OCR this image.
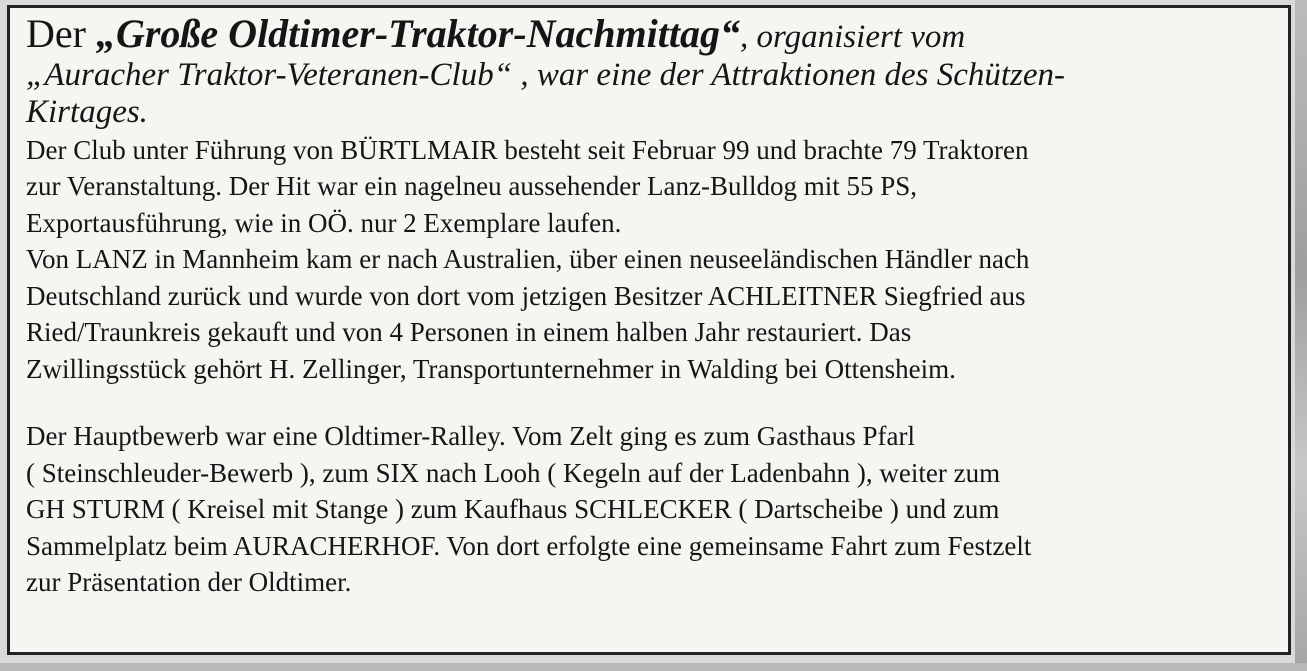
Der „Große Oldtimer-Traktor-Nachmittag“, organisiert vom
„Auracher Traktor-Veteranen-Club“ , war eine der Attraktionen des Schützen-
Kirtages.

Der Club unter Führung von BÜRTLMAIR besteht seit Februar 99 und brachte 79 Traktoren
zur Veranstaltung. Der Hit war ein nagelneu aussehender Lanz-Bulldog mit 55 PS,
Exportausführung, wie in OÖ. nur 2 Exemplare laufen.
Von LANZ in Mannheim kam er nach Australien, über einen neuseeländischen Händler nach
Deutschland zurück und wurde von dort vom jetzigen Besitzer ACHLEITNER Siegfried aus
Ried/Traunkreis gekauft und von 4 Personen in einem halben Jahr restauriert. Das
Zwillingsstück gehört H. Zellinger, Transportunternehmer in Walding bei Ottensheim.

Der Hauptbewerb war eine Oldtimer-Ralley. Vom Zelt ging es zum Gasthaus Pfarl
( Steinschleuder-Bewerb ), zum SIX nach Looh ( Kegeln auf der Ladenbahn ), weiter zum
GH STURM ( Kreisel mit Stange ) zum Kaufhaus SCHLECKER ( Dartscheibe ) und zum
Sammelplatz beim AURACHERHOF. Von dort erfolgte eine gemeinsame Fahrt zum Festzelt
zur Präsentation der Oldtimer.
